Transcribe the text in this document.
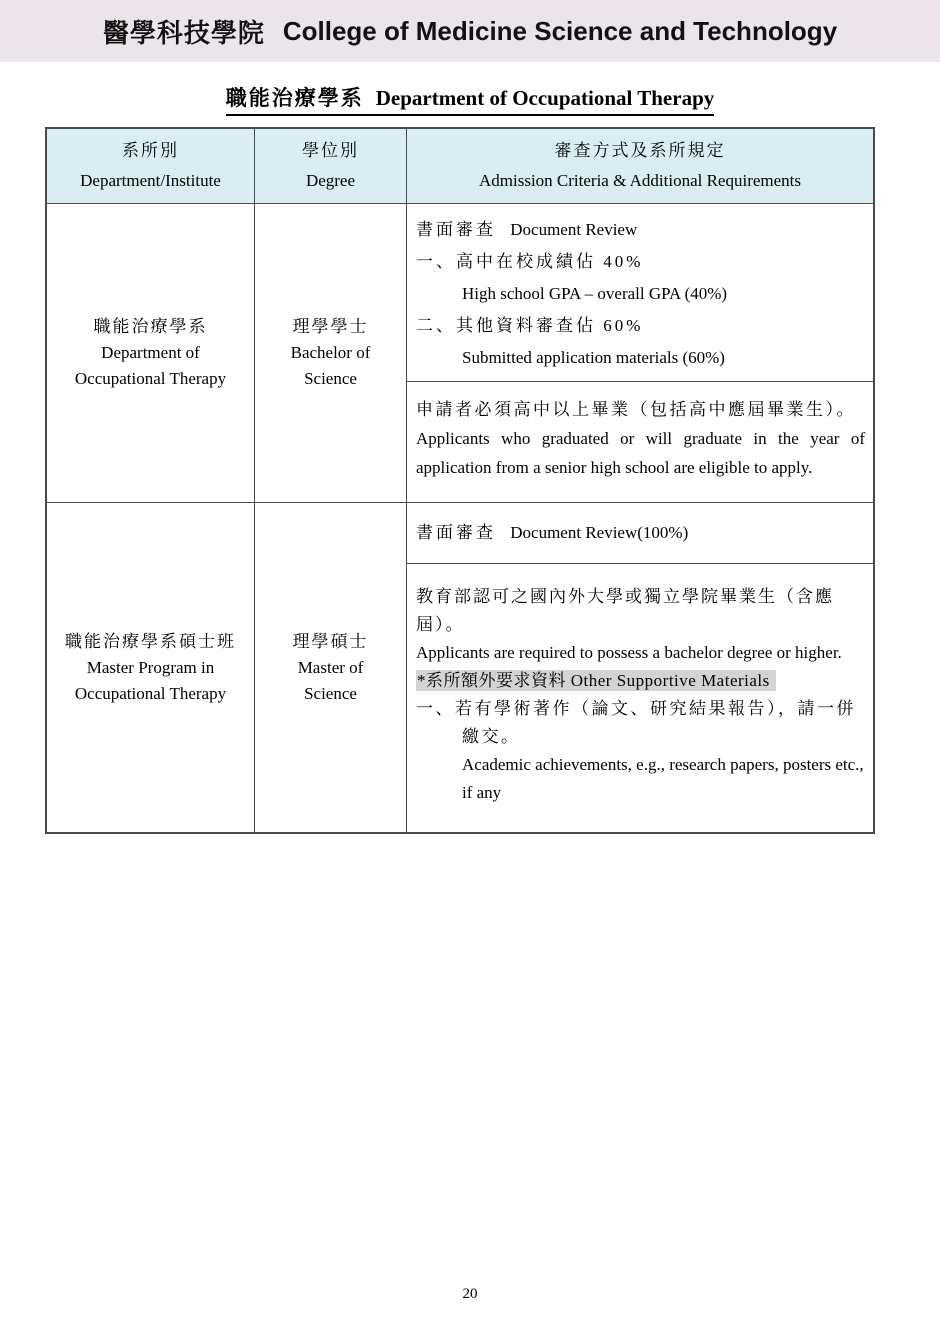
醫學科技學院 College of Medicine Science and Technology
職能治療學系 Department of Occupational Therapy
系所別
Department/Institute
學位別
Degree
審查方式及系所規定
Admission Criteria & Additional Requirements
職能治療學系
Department of
Occupational Therapy
理學學士
Bachelor of
Science
書面審查 Document Review
一、高中在校成績佔 40%
High school GPA – overall GPA (40%)
二、其他資料審查佔 60%
Submitted application materials (60%)
申請者必須高中以上畢業（包括高中應屆畢業生）。
Applicants who graduated or will graduate in the year of application from a senior high school are eligible to apply.
職能治療學系碩士班
Master Program in
Occupational Therapy
理學碩士
Master of
Science
書面審查 Document Review(100%)
教育部認可之國內外大學或獨立學院畢業生（含應屆）。
Applicants are required to possess a bachelor degree or higher.
*系所額外要求資料 Other Supportive Materials
一、若有學術著作（論文、研究結果報告），請一併繳交。
Academic achievements, e.g., research papers, posters etc., if any
20
